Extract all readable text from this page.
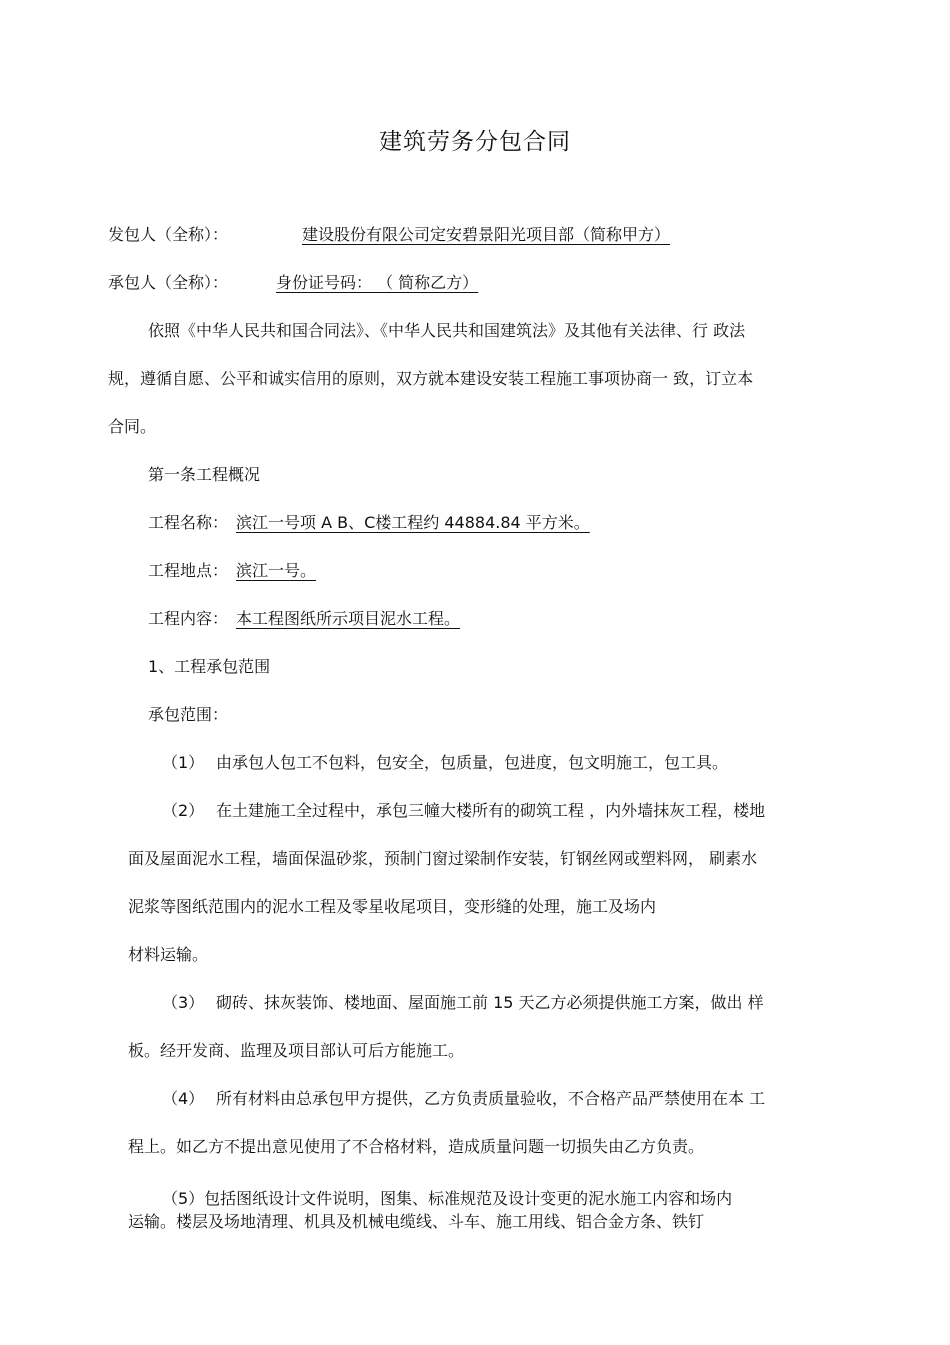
建筑劳务分包合同
发包人（全称）：	建设股份有限公司定安碧景阳光项目部（简称甲方）
承包人（全称）：	身份证号码： （ 简称乙方）
依照《中华人民共和国合同法》、《中华人民共和国建筑法》及其他有关法律、行 政法
规，遵循自愿、公平和诚实信用的原则，双方就本建设安装工程施工事项协商一 致，订立本
合同。
第一条工程概况
工程名称： 滨江一号项 A B、C楼工程约 44884.84 平方米。
工程地点： 滨江一号。
工程内容： 本工程图纸所示项目泥水工程。
1、工程承包范围
承包范围：
（1） 由承包人包工不包料，包安全，包质量，包进度，包文明施工，包工具。
（2） 在土建施工全过程中，承包三幢大楼所有的砌筑工程 ，内外墙抹灰工程，楼地
面及屋面泥水工程，墙面保温砂浆，预制门窗过梁制作安装，钉钢丝网或塑料网， 刷素水
泥浆等图纸范围内的泥水工程及零星收尾项目，变形缝的处理，施工及场内
材料运输。
（3） 砌砖、抹灰装饰、楼地面、屋面施工前 15 天乙方必须提供施工方案，做出 样
板。经开发商、监理及项目部认可后方能施工。
（4） 所有材料由总承包甲方提供，乙方负责质量验收，不合格产品严禁使用在本 工
程上。如乙方不提出意见使用了不合格材料，造成质量问题一切损失由乙方负责。
（5）包括图纸设计文件说明，图集、标准规范及设计变更的泥水施工内容和场内
运输。楼层及场地清理、机具及机械电缆线、斗车、施工用线、铝合金方条、铁钉
